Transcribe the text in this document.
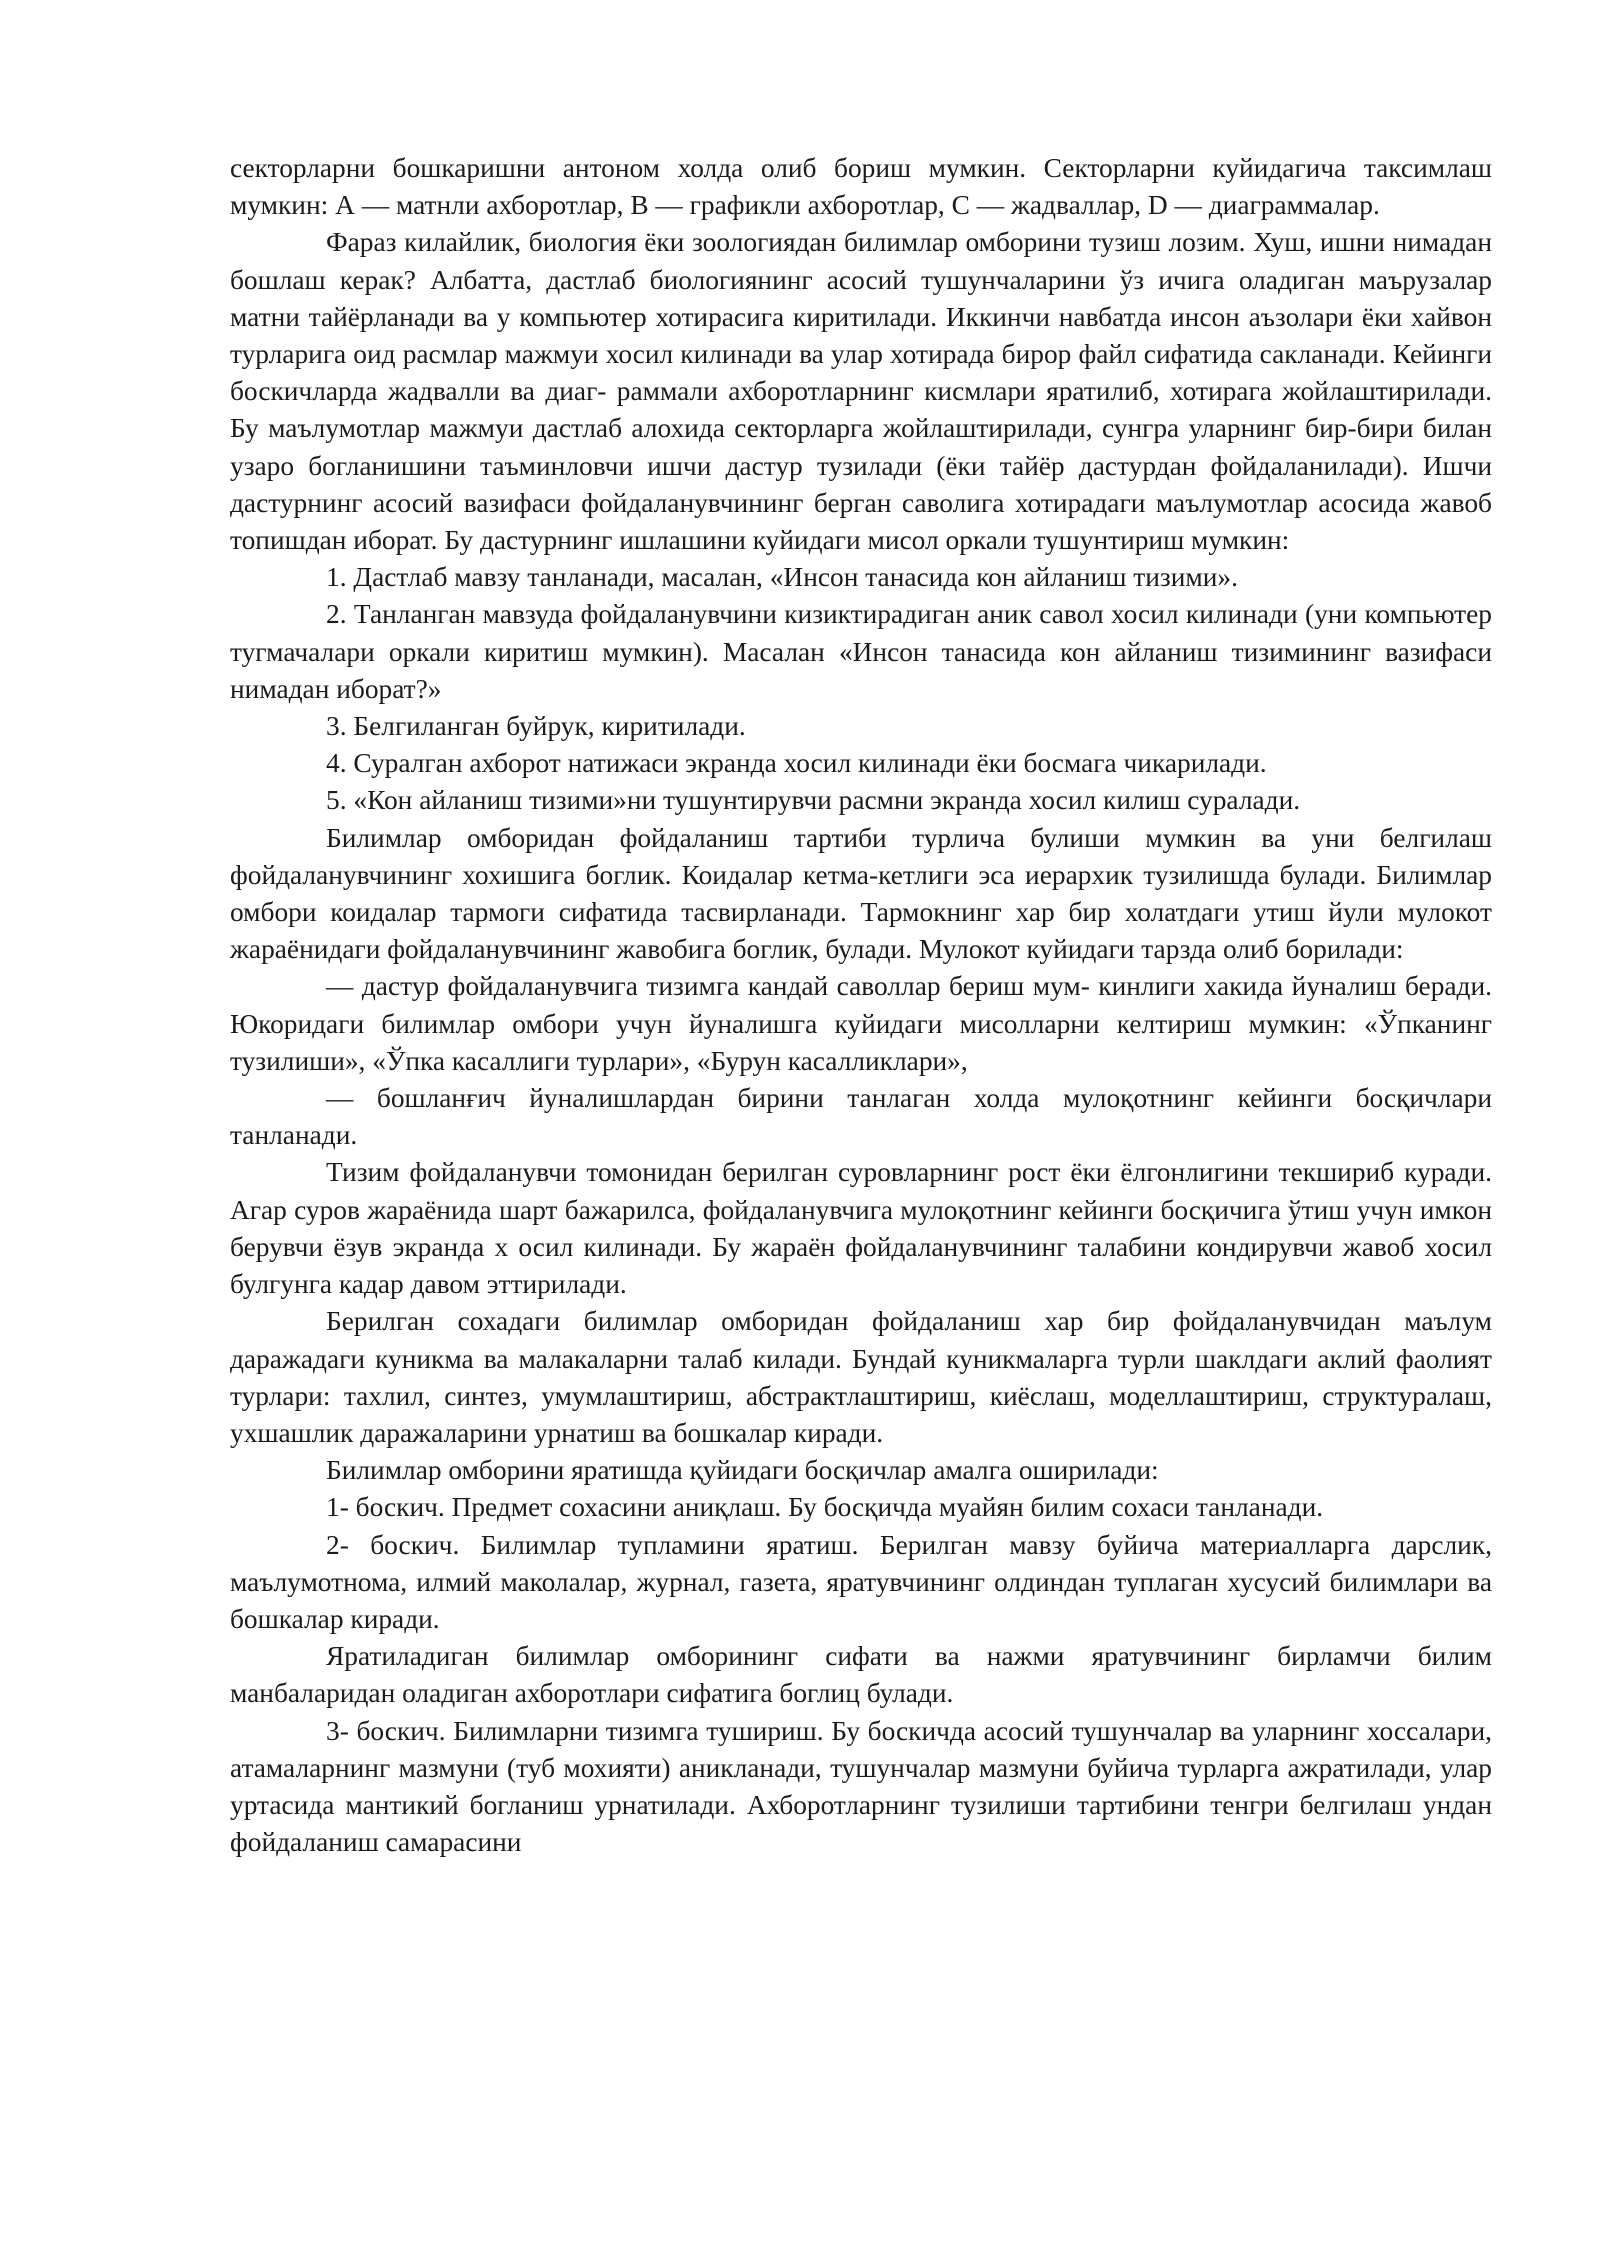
секторларни бошкаришни антоном холда олиб бориш мумкин. Секторларни куйидагича таксимлаш мумкин: А — матнли ахборотлар, В — графикли ахборотлар, С — жадваллар, D — диаграммалар.

Фараз килайлик, биология ёки зоологиядан билимлар омборини тузиш лозим. Хуш, ишни нимадан бошлаш керак? Албатта, дастлаб биологиянинг асосий тушунчаларини ўз ичига оладиган маърузалар матни тайёрланади ва у компьютер хотирасига киритилади. Иккинчи навбатда инсон аъзолари ёки хайвон турларига оид расмлар мажмуи хосил килинади ва улар хотирада бирор файл сифатида сакланади. Кейинги боскичларда жадвалли ва диаг- раммали ахборотларнинг кисмлари яратилиб, хотирага жойлаштирилади. Бу маълумотлар мажмуи дастлаб алохида секторларга жойлаштирилади, сунгра уларнинг бир-бири билан узаро богланишини таъминловчи ишчи дастур тузилади (ёки тайёр дастурдан фойдаланилади). Ишчи дастурнинг асосий вазифаси фойдаланувчининг берган саволига хотирадаги маълумотлар асосида жавоб топишдан иборат. Бу дастурнинг ишлашини куйидаги мисол оркали тушунтириш мумкин:

1. Дастлаб мавзу танланади, масалан, «Инсон танасида кон айланиш тизими».

2. Танланган мавзуда фойдаланувчини кизиктирадиган аник савол хосил килинади (уни компьютер тугмачалари оркали киритиш мумкин). Масалан «Инсон танасида кон айланиш тизимининг вазифаси нимадан иборат?»

3. Белгиланган буйрук, киритилади.

4. Суралган ахборот натижаси экранда хосил килинади ёки босмага чикарилади.

5. «Кон айланиш тизими»ни тушунтирувчи расмни экранда хосил килиш суралади.

Билимлар омборидан фойдаланиш тартиби турлича булиши мумкин ва уни белгилаш фойдаланувчининг хохишига боглик. Коидалар кетма-кетлиги эса иерархик тузилишда булади. Билимлар омбори коидалар тармоги сифатида тасвирланади. Тармокнинг хар бир холатдаги утиш йули мулокот жараёнидаги фойдаланувчининг жавобига боглик, булади. Мулокот куйидаги тарзда олиб борилади:

— дастур фойдаланувчига тизимга кандай саволлар бериш мум- кинлиги хакида йуналиш беради. Юкоридаги билимлар омбори учун йуналишга куйидаги мисолларни келтириш мумкин: «Ўпканинг тузилиши», «Ўпка касаллиги турлари», «Бурун касалликлари»,

— бошланғич йуналишлардан бирини танлаган холда мулоқотнинг кейинги босқичлари танланади.

Тизим фойдаланувчи томонидан берилган суровларнинг рост ёки ёлгонлигини текшириб куради. Агар суров жараёнида шарт бажарилса, фойдаланувчига мулоқотнинг кейинги босқичига ўтиш учун имкон берувчи ёзув экранда х осил килинади. Бу жараён фойдаланувчининг талабини кондирувчи жавоб хосил булгунга кадар давом эттирилади.

Берилган сохадаги билимлар омборидан фойдаланиш хар бир фойдаланувчидан маълум даражадаги куникма ва малакаларни талаб килади. Бундай куникмаларга турли шаклдаги аклий фаолият турлари: тахлил, синтез, умумлаштириш, абстрактлаштириш, киёслаш, моделлаштириш, структуралаш, ухшашлик даражаларини урнатиш ва бошкалар киради.

Билимлар омборини яратишда қуйидаги босқичлар амалга оширилади:

1- боскич. Предмет сохасини аниқлаш. Бу босқичда муайян билим сохаси танланади.

2- боскич. Билимлар тупламини яратиш. Берилган мавзу буйича материалларга дарслик, маълумотнома, илмий маколалар, журнал, газета, яратувчининг олдиндан туплаган хусусий билимлари ва бошкалар киради.

Яратиладиган билимлар омборининг сифати ва нажми яратувчининг бирламчи билим манбаларидан оладиган ахборотлари сифатига боглиц булади.

3- боскич. Билимларни тизимга тушириш. Бу боскичда асосий тушунчалар ва уларнинг хоссалари, атамаларнинг мазмуни (туб мохияти) аникланади, тушунчалар мазмуни буйича турларга ажратилади, улар уртасида мантикий богланиш урнатилади. Ахборотларнинг тузилиши тартибини тенгри белгилаш ундан фойдаланиш самарасини
